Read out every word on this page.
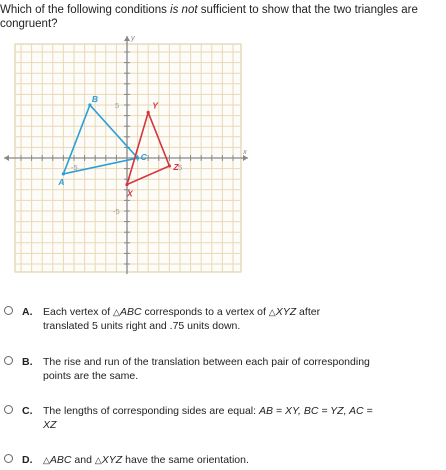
Which of the following conditions is not sufficient to show that the two triangles are congruent?
y
x
5
-5
5
-5
A
B
C
X
Y
Z
A. Each vertex of △ABC corresponds to a vertex of △XYZ after
translated 5 units right and .75 units down.
B. The rise and run of the translation between each pair of corresponding
points are the same.
C. The lengths of corresponding sides are equal: AB = XY, BC = YZ, AC =
XZ
D. △ABC and △XYZ have the same orientation.
